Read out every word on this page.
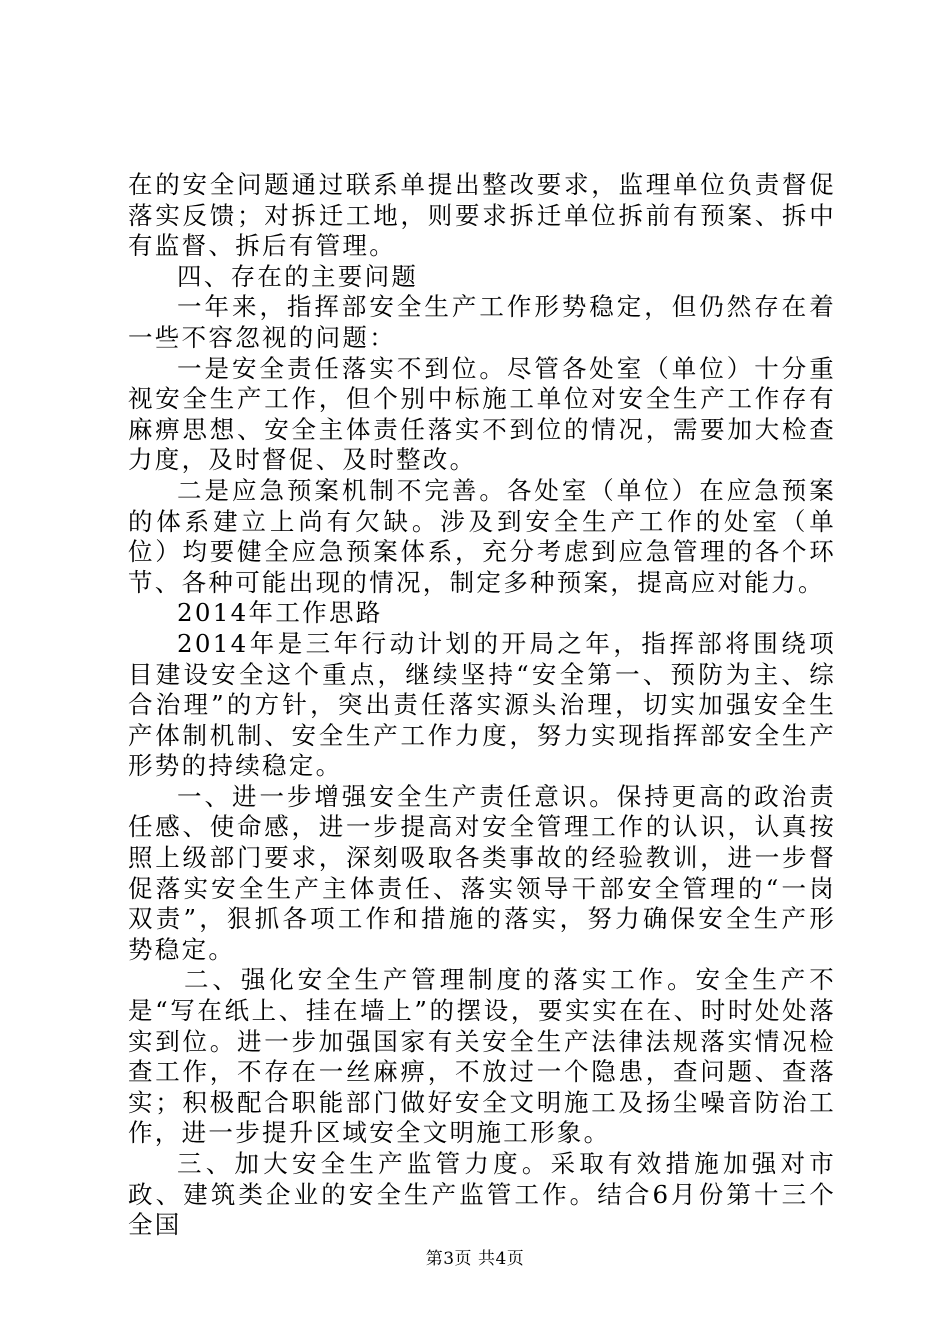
在的安全问题通过联系单提出整改要求，监理单位负责督促落实反馈；对拆迁工地，则要求拆迁单位拆前有预案、拆中有监督、拆后有管理。

四、存在的主要问题

一年来，指挥部安全生产工作形势稳定，但仍然存在着一些不容忽视的问题：

一是安全责任落实不到位。尽管各处室（单位）十分重视安全生产工作，但个别中标施工单位对安全生产工作存有麻痹思想、安全主体责任落实不到位的情况，需要加大检查力度，及时督促、及时整改。

二是应急预案机制不完善。各处室（单位）在应急预案的体系建立上尚有欠缺。涉及到安全生产工作的处室（单位）均要健全应急预案体系，充分考虑到应急管理的各个环节、各种可能出现的情况，制定多种预案，提高应对能力。

2014年工作思路

2014年是三年行动计划的开局之年，指挥部将围绕项目建设安全这个重点，继续坚持“安全第一、预防为主、综合治理”的方针，突出责任落实源头治理，切实加强安全生产体制机制、安全生产工作力度，努力实现指挥部安全生产形势的持续稳定。

一、进一步增强安全生产责任意识。保持更高的政治责任感、使命感，进一步提高对安全管理工作的认识，认真按照上级部门要求，深刻吸取各类事故的经验教训，进一步督促落实安全生产主体责任、落实领导干部安全管理的“一岗双责”，狠抓各项工作和措施的落实，努力确保安全生产形势稳定。

二、强化安全生产管理制度的落实工作。安全生产不是“写在纸上、挂在墙上”的摆设，要实实在在、时时处处落实到位。进一步加强国家有关安全生产法律法规落实情况检查工作，不存在一丝麻痹，不放过一个隐患，查问题、查落实；积极配合职能部门做好安全文明施工及扬尘噪音防治工作，进一步提升区域安全文明施工形象。

三、加大安全生产监管力度。采取有效措施加强对市政、建筑类企业的安全生产监管工作。结合6月份第十三个全国

第3页 共4页
